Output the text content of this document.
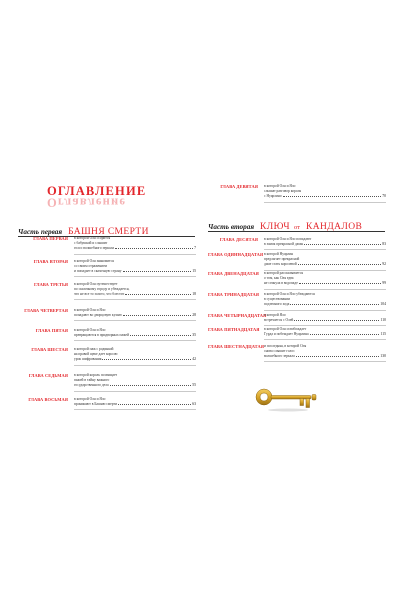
ОГЛАВЛЕНИЕ
Оглавление
Часть первая БАШНЯ СМЕРТИ
ГЛАВА ПЕРВАЯ в которой Оля ссорится
с бабушкой и слышит
голос волшебного зеркала	7
ГЛАВА ВТОРАЯ в которой Оля знакомится
со своим отражением
и попадает в сказочную страну	15
ГЛАВА ТРЕТЬЯ в которой Оля путешествует
по сказочному городу и убеждается,
что не все то золото, что блестит	18
ГЛАВА ЧЕТВЕРТАЯ в которой Оля и Яло
попадают во дворцовую кухню	28
ГЛАВА ПЯТАЯ в которой Оля и Яло
превращаются в придворных пажей	35
ГЛАВА ШЕСТАЯ в которой паж с родинкой
на правой щеке дает королю
урок шифрования	42
ГЛАВА СЕДЬМАЯ в которой король посвящает
пажей в тайну важного
государственного дела	55
ГЛАВА ВОСЬМАЯ в которой Оля и Яло
проникают в Башню смерти	63
ГЛАВА ДЕВЯТАЯ в которой Оля и Яло
слышат разговор короля
с Нуарлино	70
Часть вторая КЛЮЧ от КАНДАЛОВ
ГЛАВА ДЕСЯТАЯ в которой Оля и Яло попадают
в замок прекрасной дамы	83
ГЛАВА ОДИННАДЦАТАЯ в которой Нуарлин
предлагает прекрасной
даме стать королевой	92
ГЛАВА ДВЕНАДЦАТАЯ в которой рассказывается
о том, как Оля едва
не сгинула в водопаде	99
ГЛАВА ТРИНАДЦАТАЯ в которой Оля и Яло убеждаются
в существовании
подземного хода	104
ГЛАВА ЧЕТЫРНАДЦАТАЯ
в которой Яло
встречается с Олей	110
ГЛАВА ПЯТНАДЦАТАЯ в которой Оля освобождает
Гурда и побеждает Нуарлина	115
ГЛАВА ШЕСТНАДЦАТАЯ и последняя, в которой Оля
снова слышит голос
волшебного зеркала	130
